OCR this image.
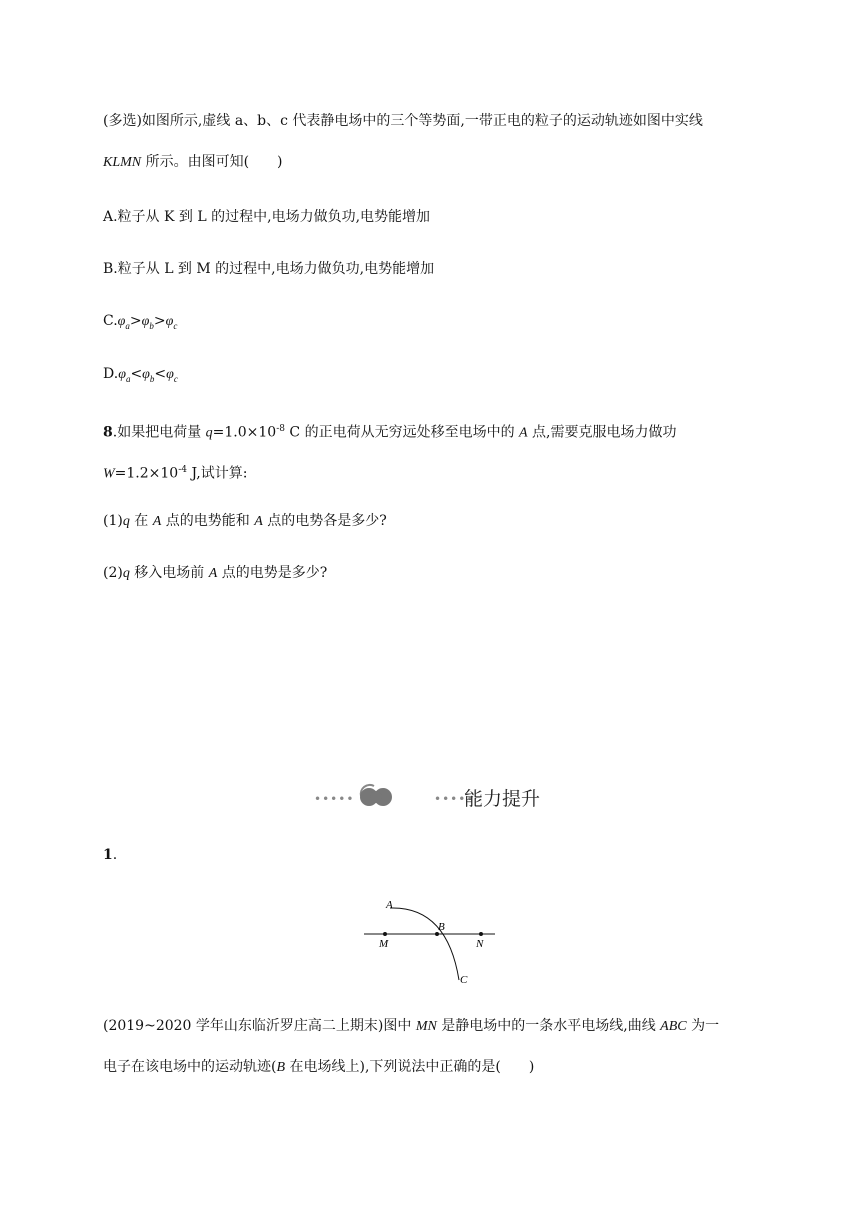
(多选)如图所示,虚线 a、b、c 代表静电场中的三个等势面,一带正电的粒子的运动轨迹如图中实线
KLMN 所示。由图可知(　　)
A.粒子从 K 到 L 的过程中,电场力做负功,电势能增加
B.粒子从 L 到 M 的过程中,电场力做负功,电势能增加
$C.\varphi_a>\varphi_b>\varphi_c$
$D.\varphi_a<\varphi_b<\varphi_c$
8.如果把电荷量 $q=1.0\times 10^{-8}$ C 的正电荷从无穷远处移至电场中的 A 点,需要克服电场力做功
$W=1.2\times 10^{-4}$ J,试计算:
(1)q 在 A 点的电势能和 A 点的电势各是多少?
(2)q 移入电场前 A 点的电势是多少?
•••••	•••••
能力提升
1.
A
B
M	N
C
(2019~2020 学年山东临沂罗庄高二上期末)图中 MN 是静电场中的一条水平电场线,曲线 ABC 为一
电子在该电场中的运动轨迹(B 在电场线上),下列说法中正确的是(　　)
